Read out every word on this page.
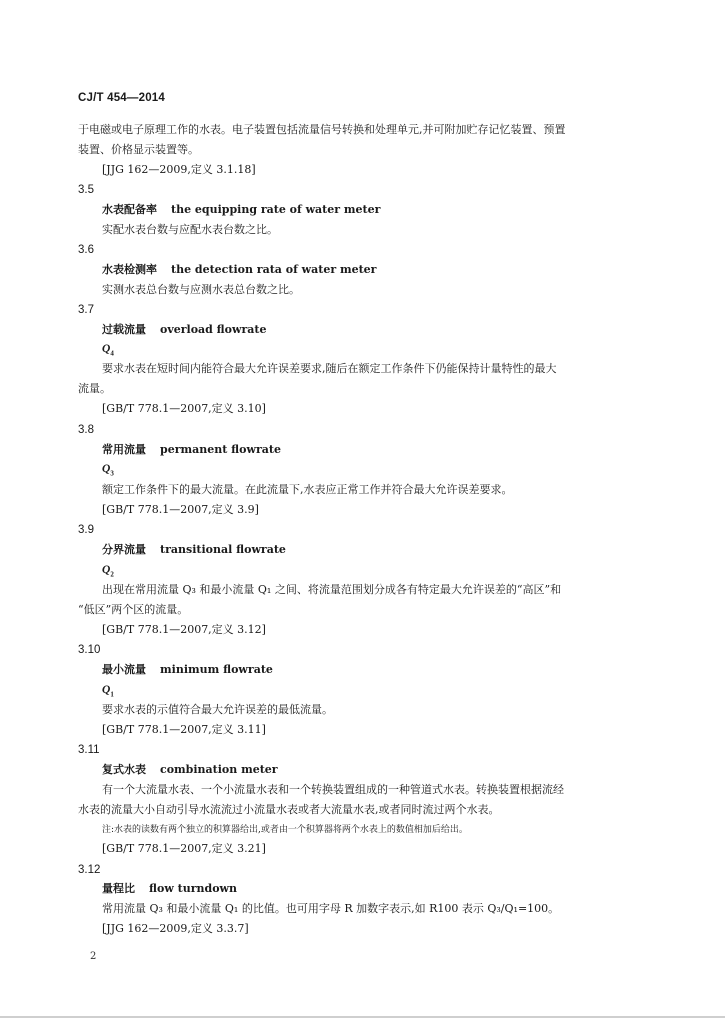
CJ/T 454—2014
于电磁或电子原理工作的水表。电子装置包括流量信号转换和处理单元,并可附加贮存记忆装置、预置
装置、价格显示装置等。
[JJG 162—2009,定义 3.1.18]
3.5
水表配备率 the equipping rate of water meter
实配水表台数与应配水表台数之比。
3.6
水表检测率 the detection rata of water meter
实测水表总台数与应测水表总台数之比。
3.7
过载流量 overload flowrate
$Q_4$
要求水表在短时间内能符合最大允许误差要求,随后在额定工作条件下仍能保持计量特性的最大
流量。
[GB/T 778.1—2007,定义 3.10]
3.8
常用流量 permanent flowrate
$Q_3$
额定工作条件下的最大流量。在此流量下,水表应正常工作并符合最大允许误差要求。
[GB/T 778.1—2007,定义 3.9]
3.9
分界流量 transitional flowrate
$Q_2$
出现在常用流量 Q₃ 和最小流量 Q₁ 之间、将流量范围划分成各有特定最大允许误差的“高区”和
“低区”两个区的流量。
[GB/T 778.1—2007,定义 3.12]
3.10
最小流量 minimum flowrate
$Q_1$
要求水表的示值符合最大允许误差的最低流量。
[GB/T 778.1—2007,定义 3.11]
3.11
复式水表 combination meter
有一个大流量水表、一个小流量水表和一个转换装置组成的一种管道式水表。转换装置根据流经
水表的流量大小自动引导水流流过小流量水表或者大流量水表,或者同时流过两个水表。
注:水表的读数有两个独立的积算器给出,或者由一个积算器将两个水表上的数值相加后给出。
[GB/T 778.1—2007,定义 3.21]
3.12
量程比 flow turndown
常用流量 Q₃ 和最小流量 Q₁ 的比值。也可用字母 R 加数字表示,如 R100 表示 Q₃/Q₁=100。
[JJG 162—2009,定义 3.3.7]
2
